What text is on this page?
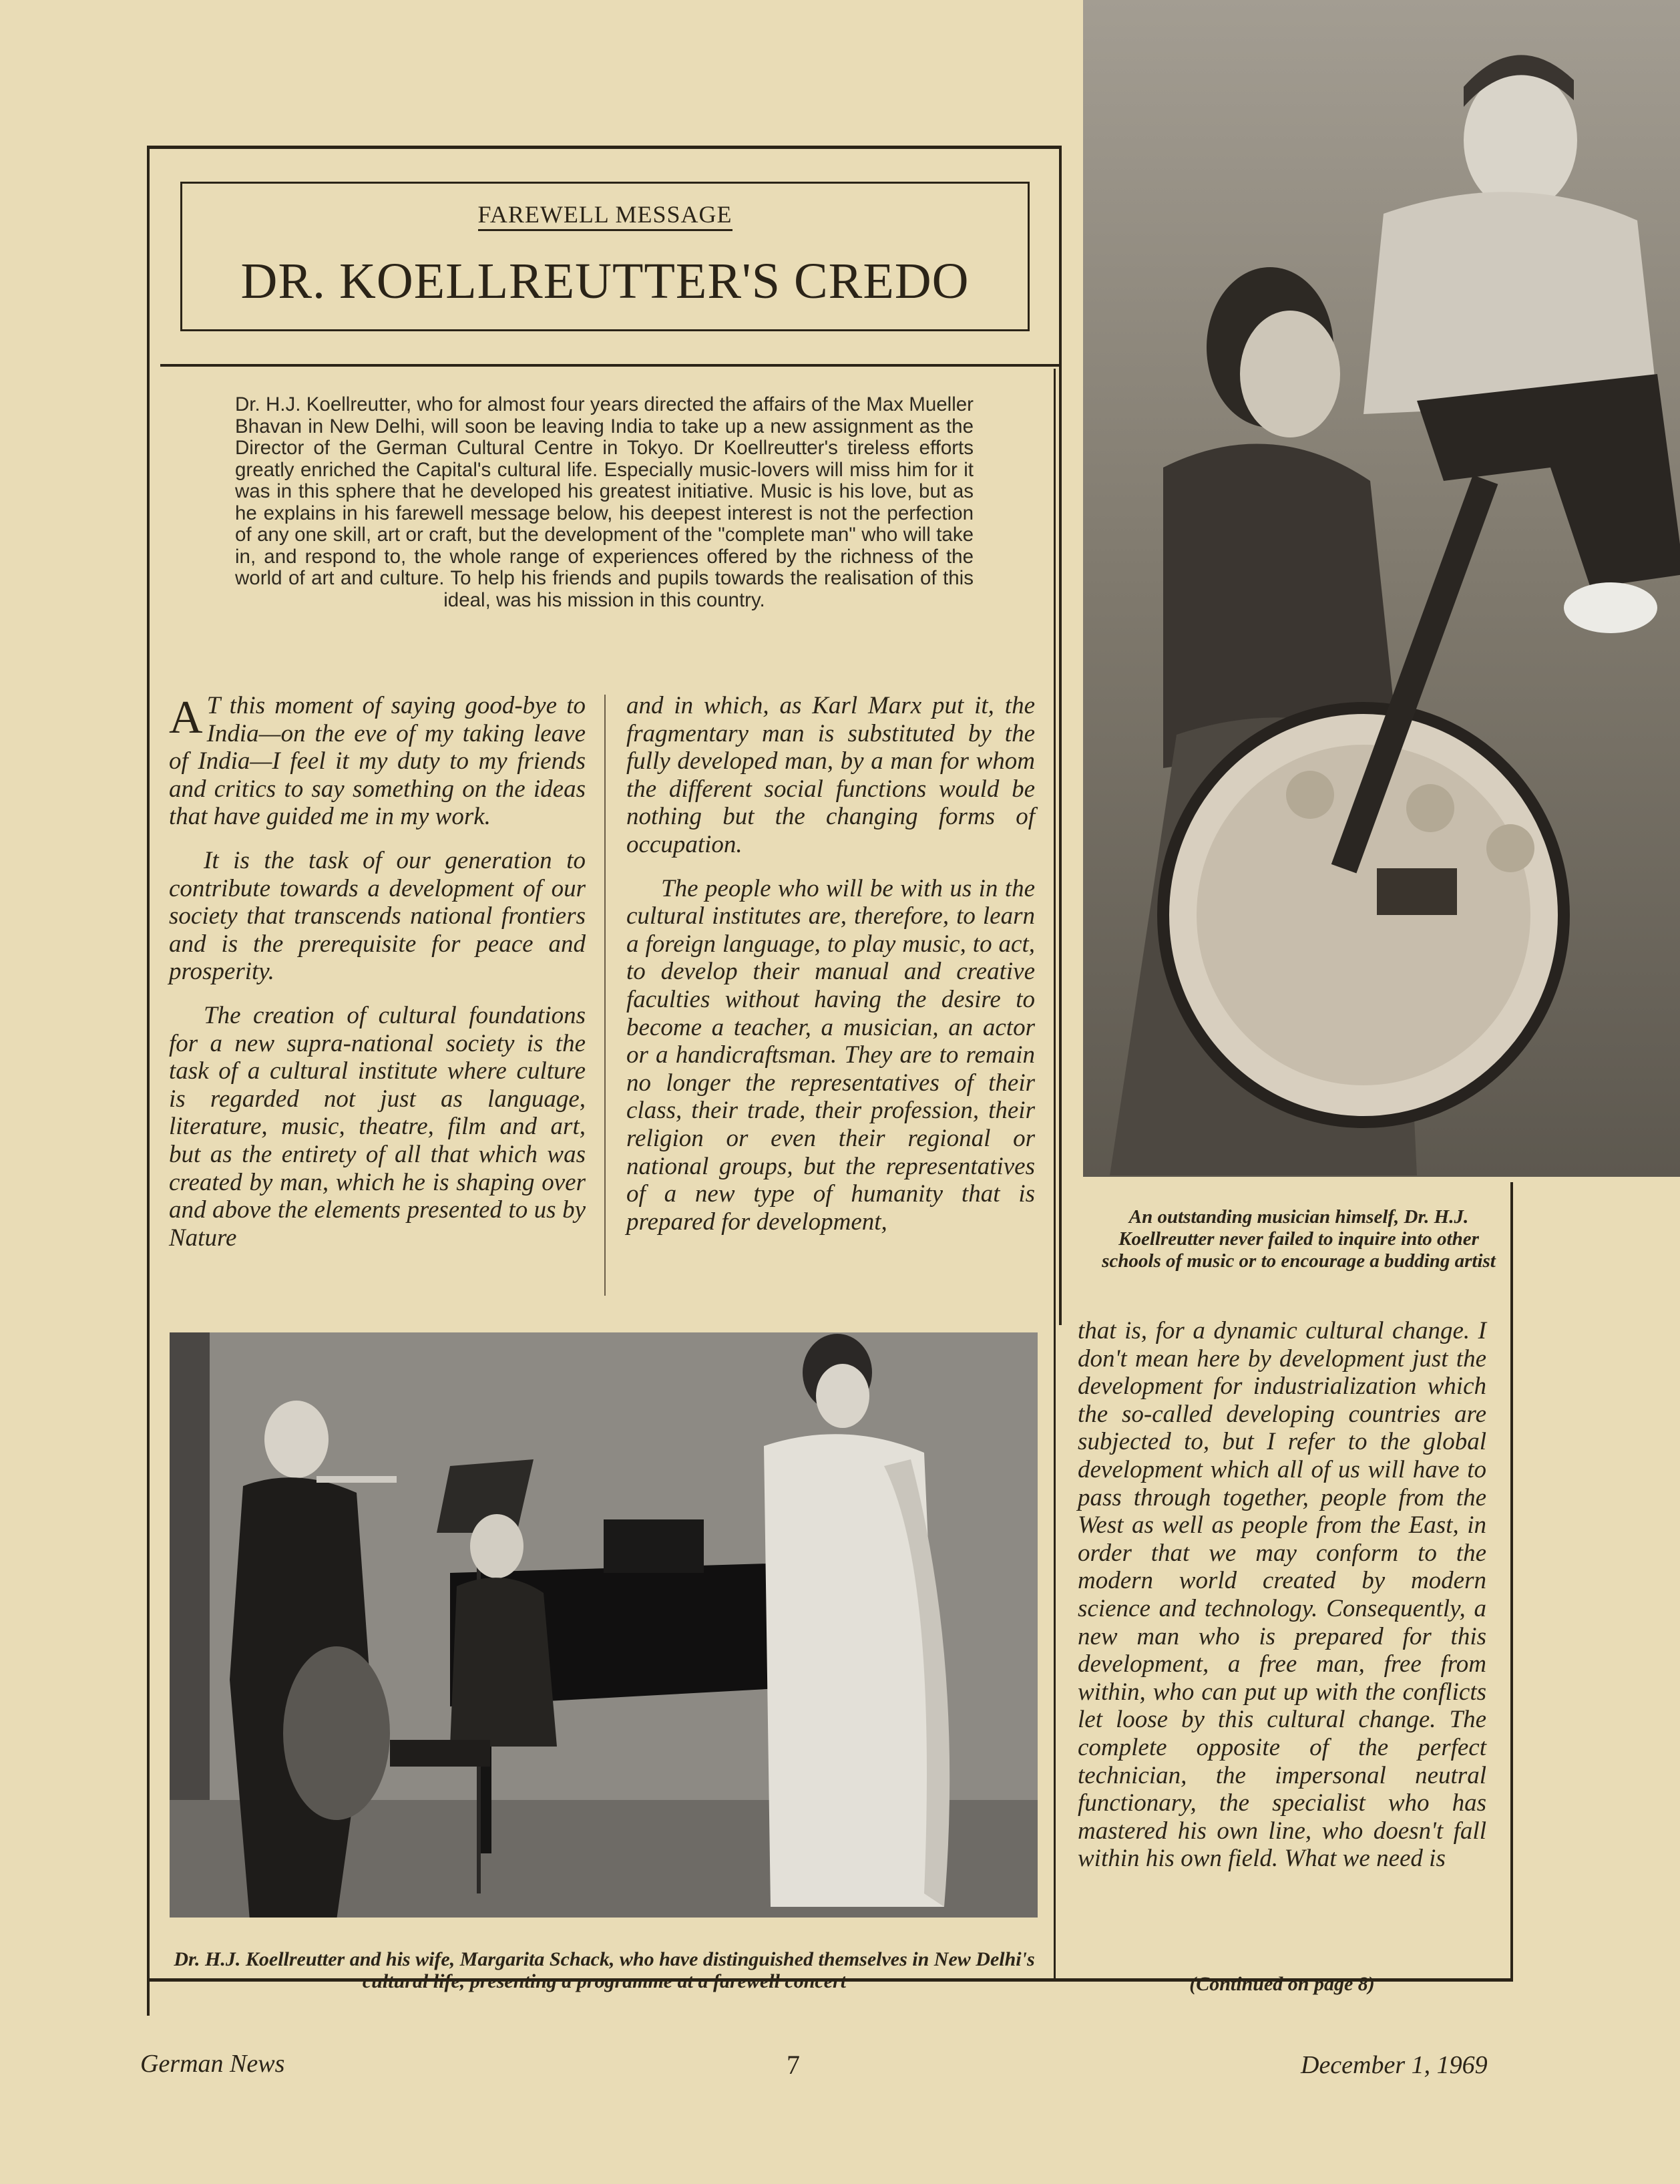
FAREWELL MESSAGE
DR. KOELLREUTTER'S CREDO
Dr. H.J. Koellreutter, who for almost four years directed the affairs of the Max Mueller Bhavan in New Delhi, will soon be leaving India to take up a new assignment as the Director of the German Cultural Centre in Tokyo. Dr Koellreutter's tireless efforts greatly enriched the Capital's cultural life. Especially music-lovers will miss him for it was in this sphere that he developed his greatest initiative. Music is his love, but as he explains in his farewell message below, his deepest interest is not the perfection of any one skill, art or craft, but the development of the "complete man" who will take in, and respond to, the whole range of experiences offered by the richness of the world of art and culture. To help his friends and pupils towards the realisation of this ideal, was his mission in this country.

A T this moment of saying good-bye to India—on the eve of my taking leave of India—I feel it my duty to my friends and critics to say something on the ideas that have guided me in my work.

It is the task of our generation to contribute towards a development of our society that transcends national frontiers and is the prerequisite for peace and prosperity.

The creation of cultural foundations for a new supra-national society is the task of a cultural institute where culture is regarded not just as language, literature, music, theatre, film and art, but as the entirety of all that which was created by man, which he is shaping over and above the elements presented to us by Nature

and in which, as Karl Marx put it, the fragmentary man is substituted by the fully developed man, by a man for whom the different social functions would be nothing but the changing forms of occupation.

The people who will be with us in the cultural institutes are, therefore, to learn a foreign language, to play music, to act, to develop their manual and creative faculties without having the desire to become a teacher, a musician, an actor or a handicraftsman. They are to remain no longer the representatives of their class, their trade, their profession, their religion or even their regional or national groups, but the representatives of a new type of humanity that is prepared for development,	An outstanding musician himself, Dr. H.J. Koellreutter never failed to inquire into other schools of music or to encourage a budding artist
Dr. H.J. Koellreutter and his wife, Margarita Schack, who have distinguished themselves in New Delhi's cultural life, presenting a programme at a farewell concert

that is, for a dynamic cultural change. I don't mean here by development just the development for industrialization which the so-called developing countries are subjected to, but I refer to the global development which all of us will have to pass through together, people from the West as well as people from the East, in order that we may conform to the modern world created by modern science and technology. Consequently, a new man who is prepared for this development, a free man, free from within, who can put up with the conflicts let loose by this cultural change. The complete opposite of the perfect technician, the impersonal neutral functionary, the specialist who has mastered his own line, who doesn't fall within his own field. What we need is

(Continued on page 8)
German News	7	December 1, 1969
